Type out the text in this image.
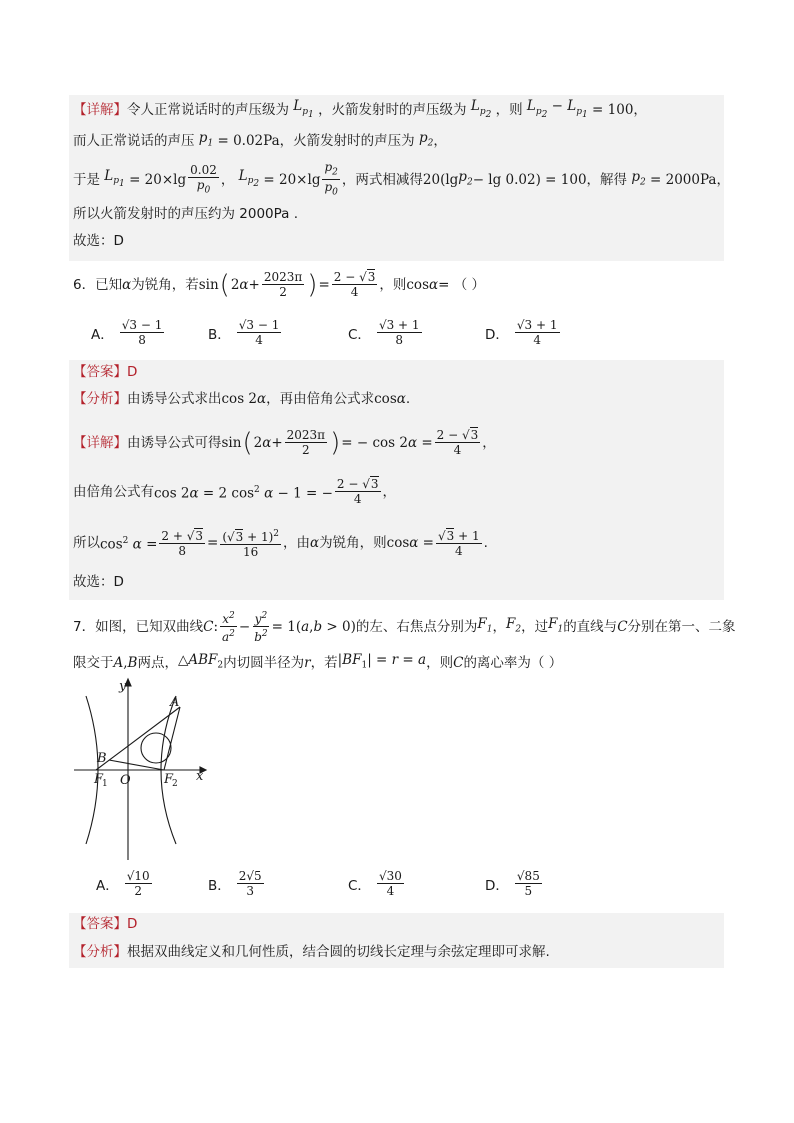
【详解】 令人正常说话时的声压级为 $L_{p_1}$ ，火箭发射时的声压级为 $L_{p_2}$ ，则 $L_{p_2} - L_{p_1} = 100$，
而人正常说话的声压 $p_1 = 0.02Pa$ ，火箭发射时的声压为 $p_2$ ，
于是 $L_{p_1} = 20\times\lg \frac{0.02}{p_0}$ ， $L_{p_2} = 20\times\lg \frac{p_2}{p_0}$ ，两式相减得 20(lg $p_2 - \lg 0.02) = 100$ ，解得 $p_2 = 2000Pa$ ，
所以火箭发射时的声压约为 2000Pa .
故选：D
6．已知 α 为锐角，若 sin ( $2\alpha+ \frac{2023\pi}{2}$ ) = $\frac{2 - √3}{4}$ ，则 cosα = （ ）
A． $\frac{√3 - 1}{8}$	B． $\frac{√3 - 1}{4}$	C． $\frac{√3 + 1}{8}$	D． $\frac{√3 + 1}{4}$
【答案】D
【分析】 由诱导公式求出 cos 2α ，再由倍角公式求 cosα .
【详解】 由诱导公式可得 sin ( $2\alpha+ \frac{2023\pi}{2}$ ) = − $\cos 2\alpha = \frac{2 - √3}{4}$ ，
由倍角公式有 cos 2α = 2 $\cos^2 \alpha - 1$ = − $\frac{2 - √3}{4}$ ，
所以 $\cos^2 \alpha = \frac{2 + √3}{8} = \frac{(√3 + 1)^2}{16}$ ，由 α 为锐角，则 $\cos\alpha = \frac{√3 + 1}{4}$ .
故选：D
7．如图，已知双曲线 C : $\frac{x^2}{a^2} - \frac{y^2}{b^2} = 1(a,b > 0)$ 的左、右焦点分别为 $F_1$ ， $F_2$ ，过 $F_1$ 的直线与 C 分别在第一、二象
限交于 A , B 两点， $\triangle ABF_2$ 内切圆半径为 r ，若 $|BF_1| = r = a$ ，则 C 的离心率为（ ）
y
x
A
B
O
F
1	F
2
A． $\frac{√10}{2}$	B． $\frac{2√5}{3}$	C． $\frac{√30}{4}$	D． $\frac{√85}{5}$
【答案】D
【分析】 根据双曲线定义和几何性质，结合圆的切线长定理与余弦定理即可求解.
